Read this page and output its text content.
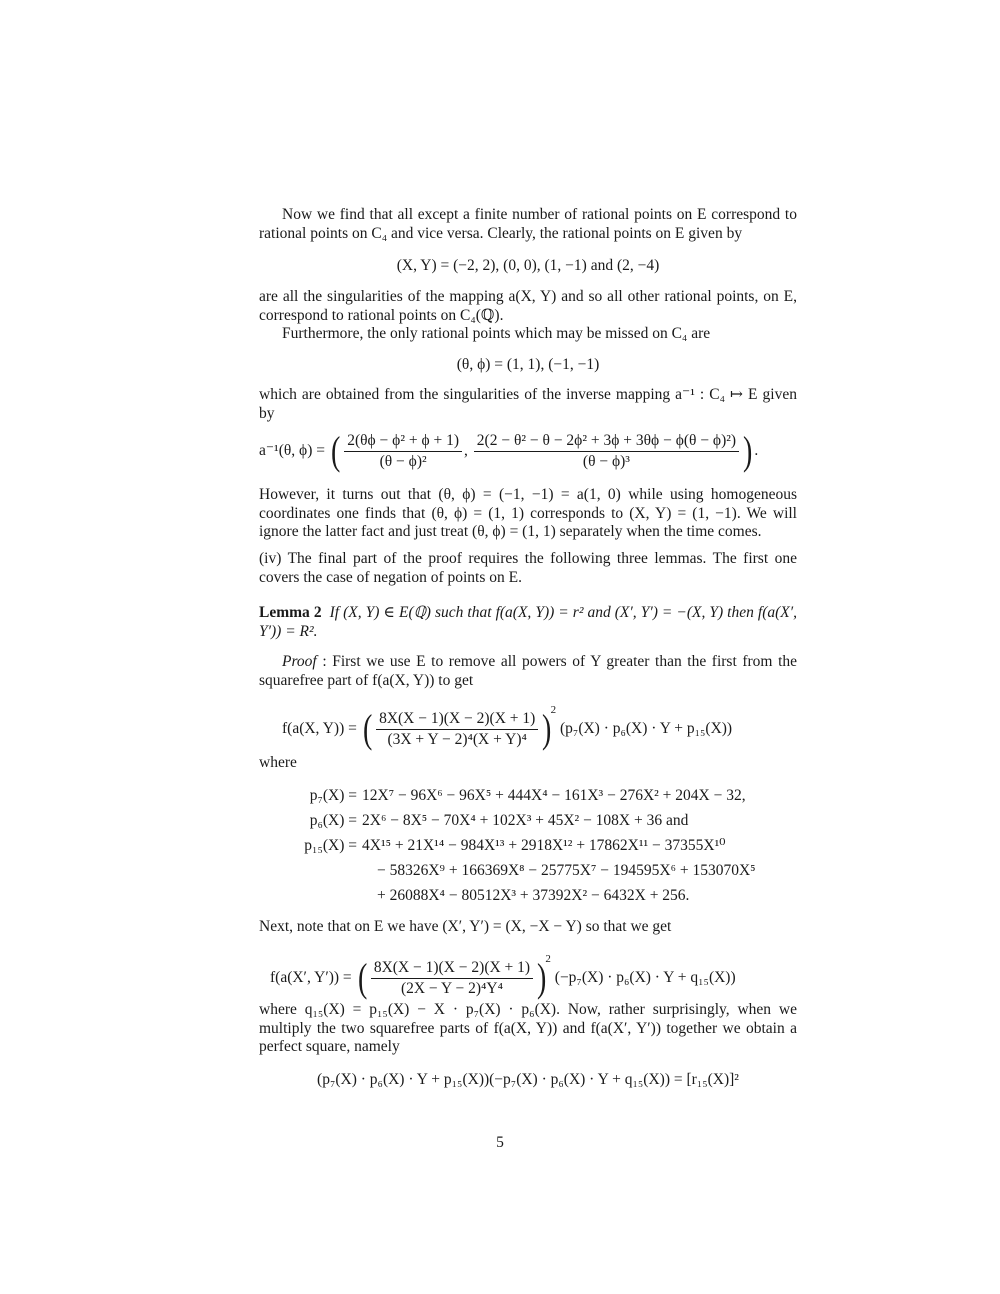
Now we find that all except a finite number of rational points on E correspond to rational points on C₄ and vice versa. Clearly, the rational points on E given by

(X, Y) = (−2, 2), (0, 0), (1, −1) and (2, −4)

are all the singularities of the mapping a(X, Y) and so all other rational points, on E, correspond to rational points on C₄(ℚ).

Furthermore, the only rational points which may be missed on C₄ are

(θ, ϕ) = (1, 1), (−1, −1)

which are obtained from the singularities of the inverse mapping a⁻¹ : C₄ ↦ E given by

a⁻¹(θ, ϕ) = ( $\frac{\text{2(θϕ − ϕ² + ϕ + 1)}}{\text{(θ − ϕ)²}}$ , $\frac{\text{2(2 − θ² − θ − 2ϕ² + 3ϕ + 3θϕ − ϕ(θ − ϕ)²)}}{\text{(θ − ϕ)³}}$ ) .

However, it turns out that (θ, ϕ) = (−1, −1) = a(1, 0) while using homogeneous coordinates one finds that (θ, ϕ) = (1, 1) corresponds to (X, Y) = (1, −1). We will ignore the latter fact and just treat (θ, ϕ) = (1, 1) separately when the time comes.

(iv) The final part of the proof requires the following three lemmas. The first one covers the case of negation of points on E.

Lemma 2 If (X, Y) ∈ E(ℚ) such that f(a(X, Y)) = r² and (X′, Y′) = −(X, Y) then f(a(X′, Y′)) = R².

Proof : First we use E to remove all powers of Y greater than the first from the squarefree part of f(a(X, Y)) to get

f(a(X, Y)) = ( $\frac{8X(X - 1)(X - 2)(X + 1)}{\text{(3X + Y − 2)⁴(X + Y)⁴}} )^2$ (p₇(X) · p₆(X) · Y + p₁₅(X))

where

p₇(X) = 12X⁷ − 96X⁶ − 96X⁵ + 444X⁴ − 161X³ − 276X² + 204X − 32,
p₆(X) = 2X⁶ − 8X⁵ − 70X⁴ + 102X³ + 45X² − 108X + 36 and
p₁₅(X) = 4X¹⁵ + 21X¹⁴ − 984X¹³ + 2918X¹² + 17862X¹¹ − 37355X¹⁰
− 58326X⁹ + 166369X⁸ − 25775X⁷ − 194595X⁶ + 153070X⁵
+ 26088X⁴ − 80512X³ + 37392X² − 6432X + 256.

Next, note that on E we have (X′, Y′) = (X, −X − Y) so that we get

f(a(X′, Y′)) = ( $\frac{8X(X - 1)(X - 2)(X + 1)}{\text{(2X − Y − 2)⁴Y⁴}} )^2$ (−p₇(X) · p₆(X) · Y + q₁₅(X))

where q₁₅(X) = p₁₅(X) − X · p₇(X) · p₆(X). Now, rather surprisingly, when we multiply the two squarefree parts of f(a(X, Y)) and f(a(X′, Y′)) together we obtain a perfect square, namely

(p₇(X) · p₆(X) · Y + p₁₅(X))(−p₇(X) · p₆(X) · Y + q₁₅(X)) = [r₁₅(X)]²
5
